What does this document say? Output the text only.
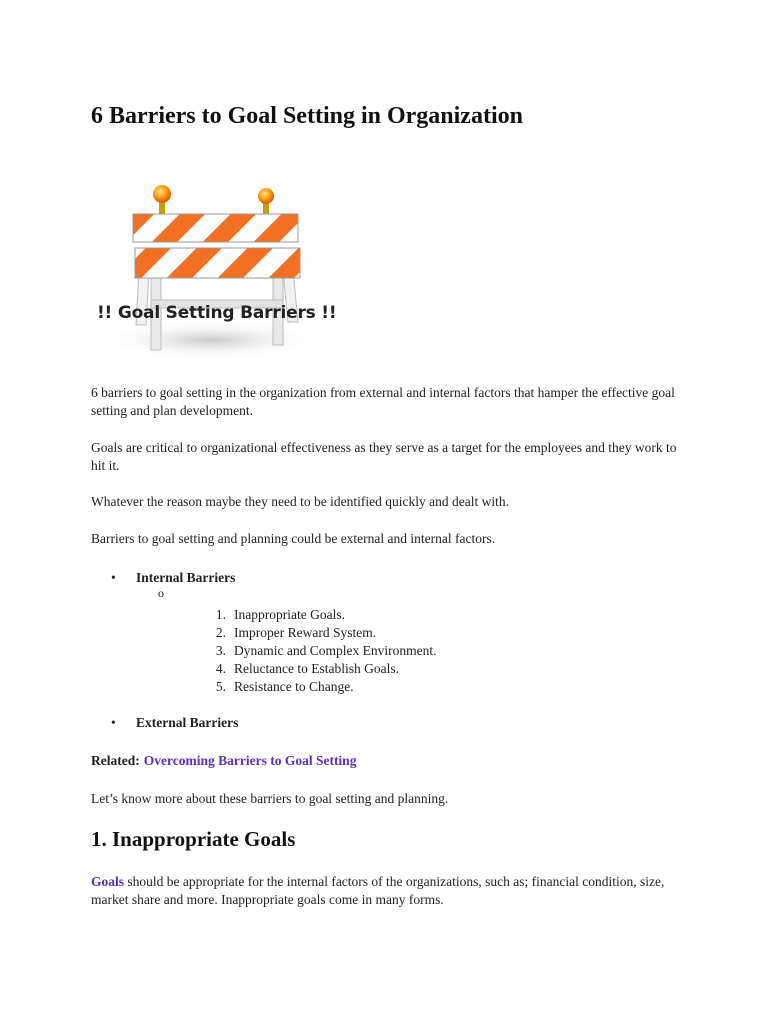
6 Barriers to Goal Setting in Organization
!! Goal Setting Barriers !!

6 barriers to goal setting in the organization from external and internal factors that hamper the effective goal setting and plan development.

Goals are critical to organizational effectiveness as they serve as a target for the employees and they work to hit it.

Whatever the reason maybe they need to be identified quickly and dealt with.

Barriers to goal setting and planning could be external and internal factors.

• Internal Barriers
o
1. Inappropriate Goals.
2. Improper Reward System.
3. Dynamic and Complex Environment.
4. Reluctance to Establish Goals.
5. Resistance to Change.
• External Barriers

Related: Overcoming Barriers to Goal Setting

Let’s know more about these barriers to goal setting and planning.

1. Inappropriate Goals

Goals should be appropriate for the internal factors of the organizations, such as; financial condition, size, market share and more. Inappropriate goals come in many forms.
